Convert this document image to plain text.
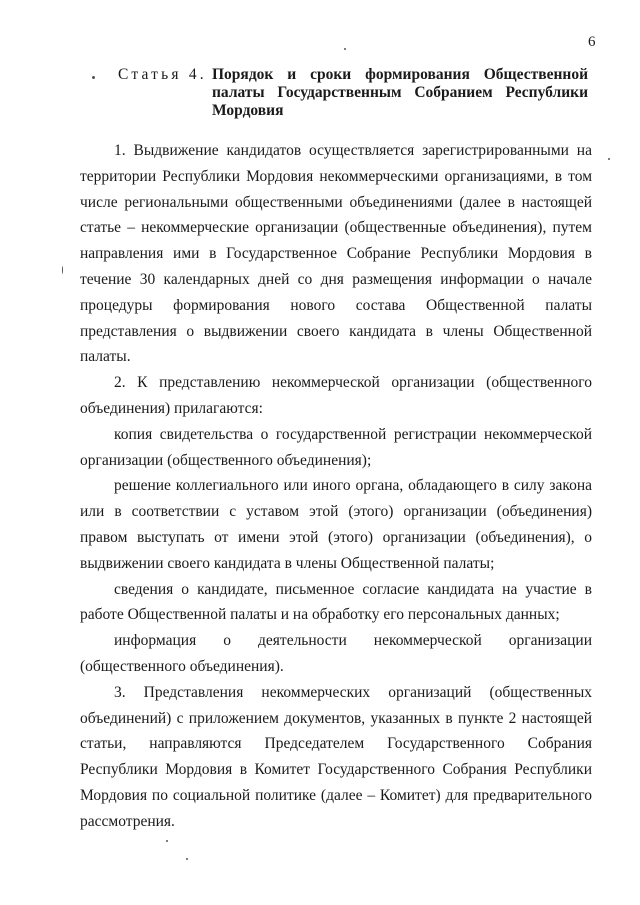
6
Статья 4. Порядок и сроки формирования Общественной палаты Государственным Собранием Республики Мордовия

1. Выдвижение кандидатов осуществляется зарегистрированными на территории Республики Мордовия некоммерческими организациями, в том числе региональными общественными объединениями (далее в настоящей статье – некоммерческие организации (общественные объединения), путем направления ими в Государственное Собрание Республики Мордовия в течение 30 календарных дней со дня размещения информации о начале процедуры формирования нового состава Общественной палаты представления о выдвижении своего кандидата в члены Общественной палаты.

2. К представлению некоммерческой организации (общественного объединения) прилагаются:

копия свидетельства о государственной регистрации некоммерческой организации (общественного объединения);

решение коллегиального или иного органа, обладающего в силу закона или в соответствии с уставом этой (этого) организации (объединения) правом выступать от имени этой (этого) организации (объединения), о выдвижении своего кандидата в члены Общественной палаты;

сведения о кандидате, письменное согласие кандидата на участие в работе Общественной палаты и на обработку его персональных данных;

информация о деятельности некоммерческой организации (общественного объединения).

3. Представления некоммерческих организаций (общественных объединений) с приложением документов, указанных в пункте 2 настоящей статьи, направляются Председателем Государственного Собрания Республики Мордовия в Комитет Государственного Собрания Республики Мордовия по социальной политике (далее – Комитет) для предварительного рассмотрения.
